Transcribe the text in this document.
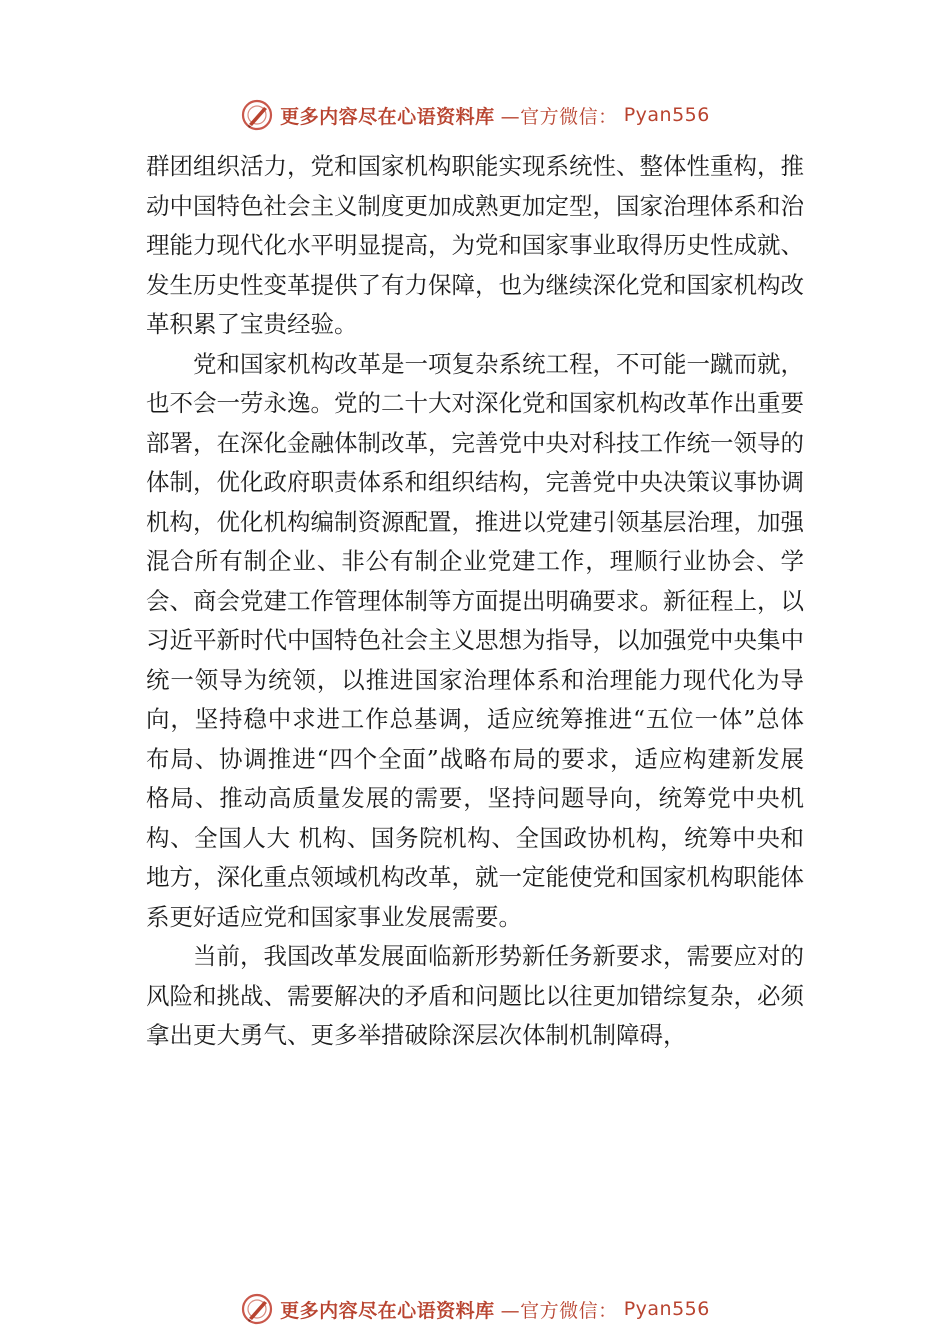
更多内容尽在心语资料库 —官方微信： Pyan556

群团组织活力，党和国家机构职能实现系统性、整体性重构，推动中国特色社会主义制度更加成熟更加定型，国家治理体系和治理能力现代化水平明显提高，为党和国家事业取得历史性成就、发生历史性变革提供了有力保障，也为继续深化党和国家机构改革积累了宝贵经验。

党和国家机构改革是一项复杂系统工程，不可能一蹴而就，也不会一劳永逸。党的二十大对深化党和国家机构改革作出重要部署，在深化金融体制改革，完善党中央对科技工作统一领导的体制，优化政府职责体系和组织结构，完善党中央决策议事协调机构，优化机构编制资源配置，推进以党建引领基层治理，加强混合所有制企业、非公有制企业党建工作，理顺行业协会、学会、商会党建工作管理体制等方面提出明确要求。新征程上，以习近平新时代中国特色社会主义思想为指导，以加强党中央集中统一领导为统领，以推进国家治理体系和治理能力现代化为导向，坚持稳中求进工作总基调，适应统筹推进“五位一体”总体布局、协调推进“四个全面”战略布局的要求，适应构建新发展格局、推动高质量发展的需要，坚持问题导向，统筹党中央机构、全国人大 机构、国务院机构、全国政协机构，统筹中央和地方，深化重点领域机构改革，就一定能使党和国家机构职能体系更好适应党和国家事业发展需要。

当前，我国改革发展面临新形势新任务新要求，需要应对的风险和挑战、需要解决的矛盾和问题比以往更加错综复杂，必须拿出更大勇气、更多举措破除深层次体制机制障碍，

更多内容尽在心语资料库 —官方微信： Pyan556
